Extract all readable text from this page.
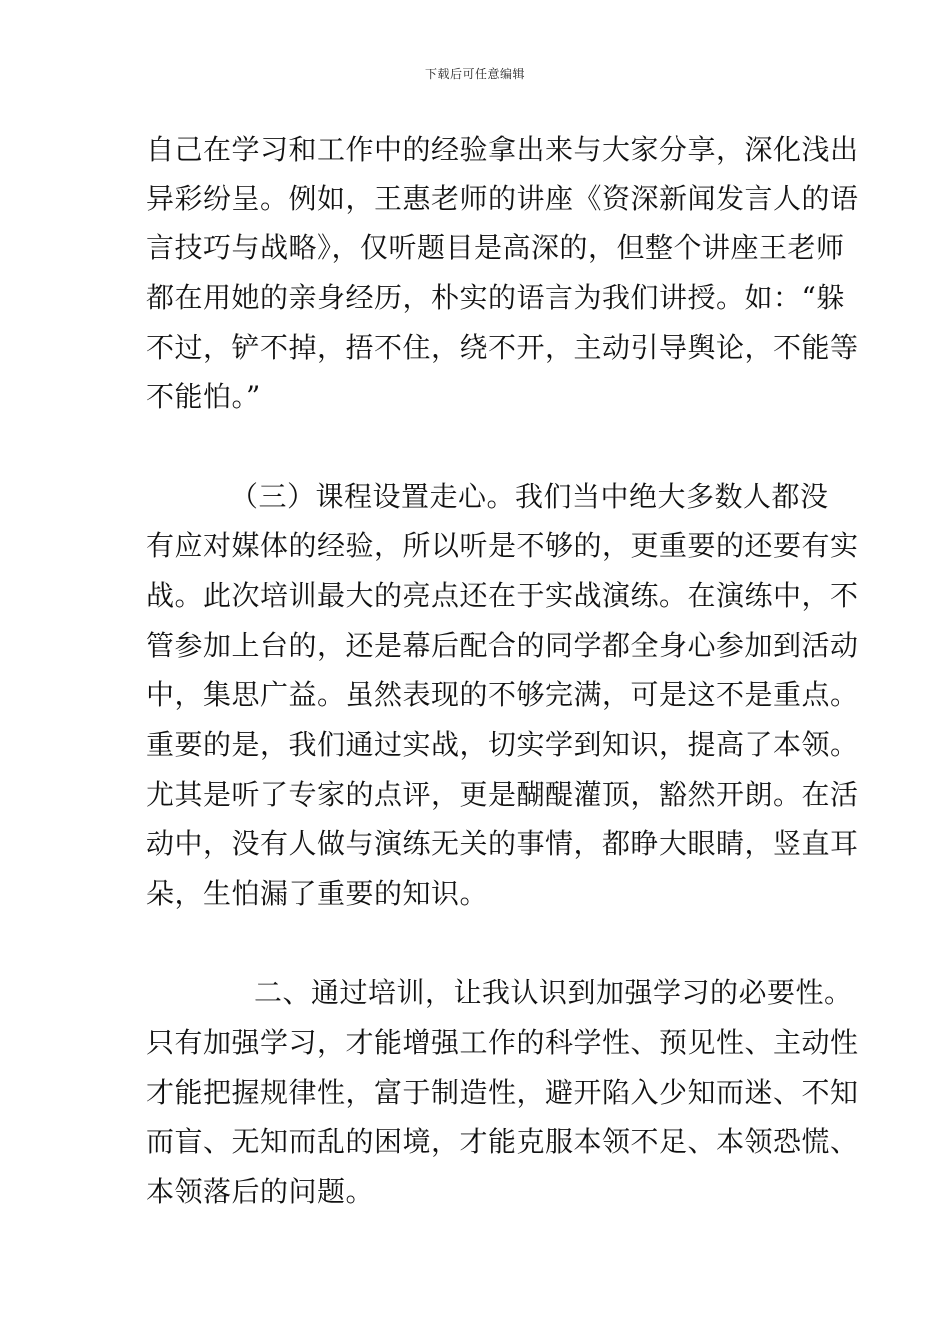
下载后可任意编辑
自己在学习和工作中的经验拿出来与大家分享，深化浅出
异彩纷呈。例如，王惠老师的讲座《资深新闻发言人的语
言技巧与战略》，仅听题目是高深的，但整个讲座王老师
都在用她的亲身经历，朴实的语言为我们讲授。如：“躲
不过，铲不掉，捂不住，绕不开，主动引导舆论，不能等
不能怕。”
（三）课程设置走心。我们当中绝大多数人都没
有应对媒体的经验，所以听是不够的，更重要的还要有实
战。此次培训最大的亮点还在于实战演练。在演练中，不
管参加上台的，还是幕后配合的同学都全身心参加到活动
中，集思广益。虽然表现的不够完满，可是这不是重点。
重要的是，我们通过实战，切实学到知识，提高了本领。
尤其是听了专家的点评，更是醐醍灌顶，豁然开朗。在活
动中，没有人做与演练无关的事情，都睁大眼睛，竖直耳
朵，生怕漏了重要的知识。
二、通过培训，让我认识到加强学习的必要性。
只有加强学习，才能增强工作的科学性、预见性、主动性
才能把握规律性，富于制造性，避开陷入少知而迷、不知
而盲、无知而乱的困境，才能克服本领不足、本领恐慌、
本领落后的问题。
